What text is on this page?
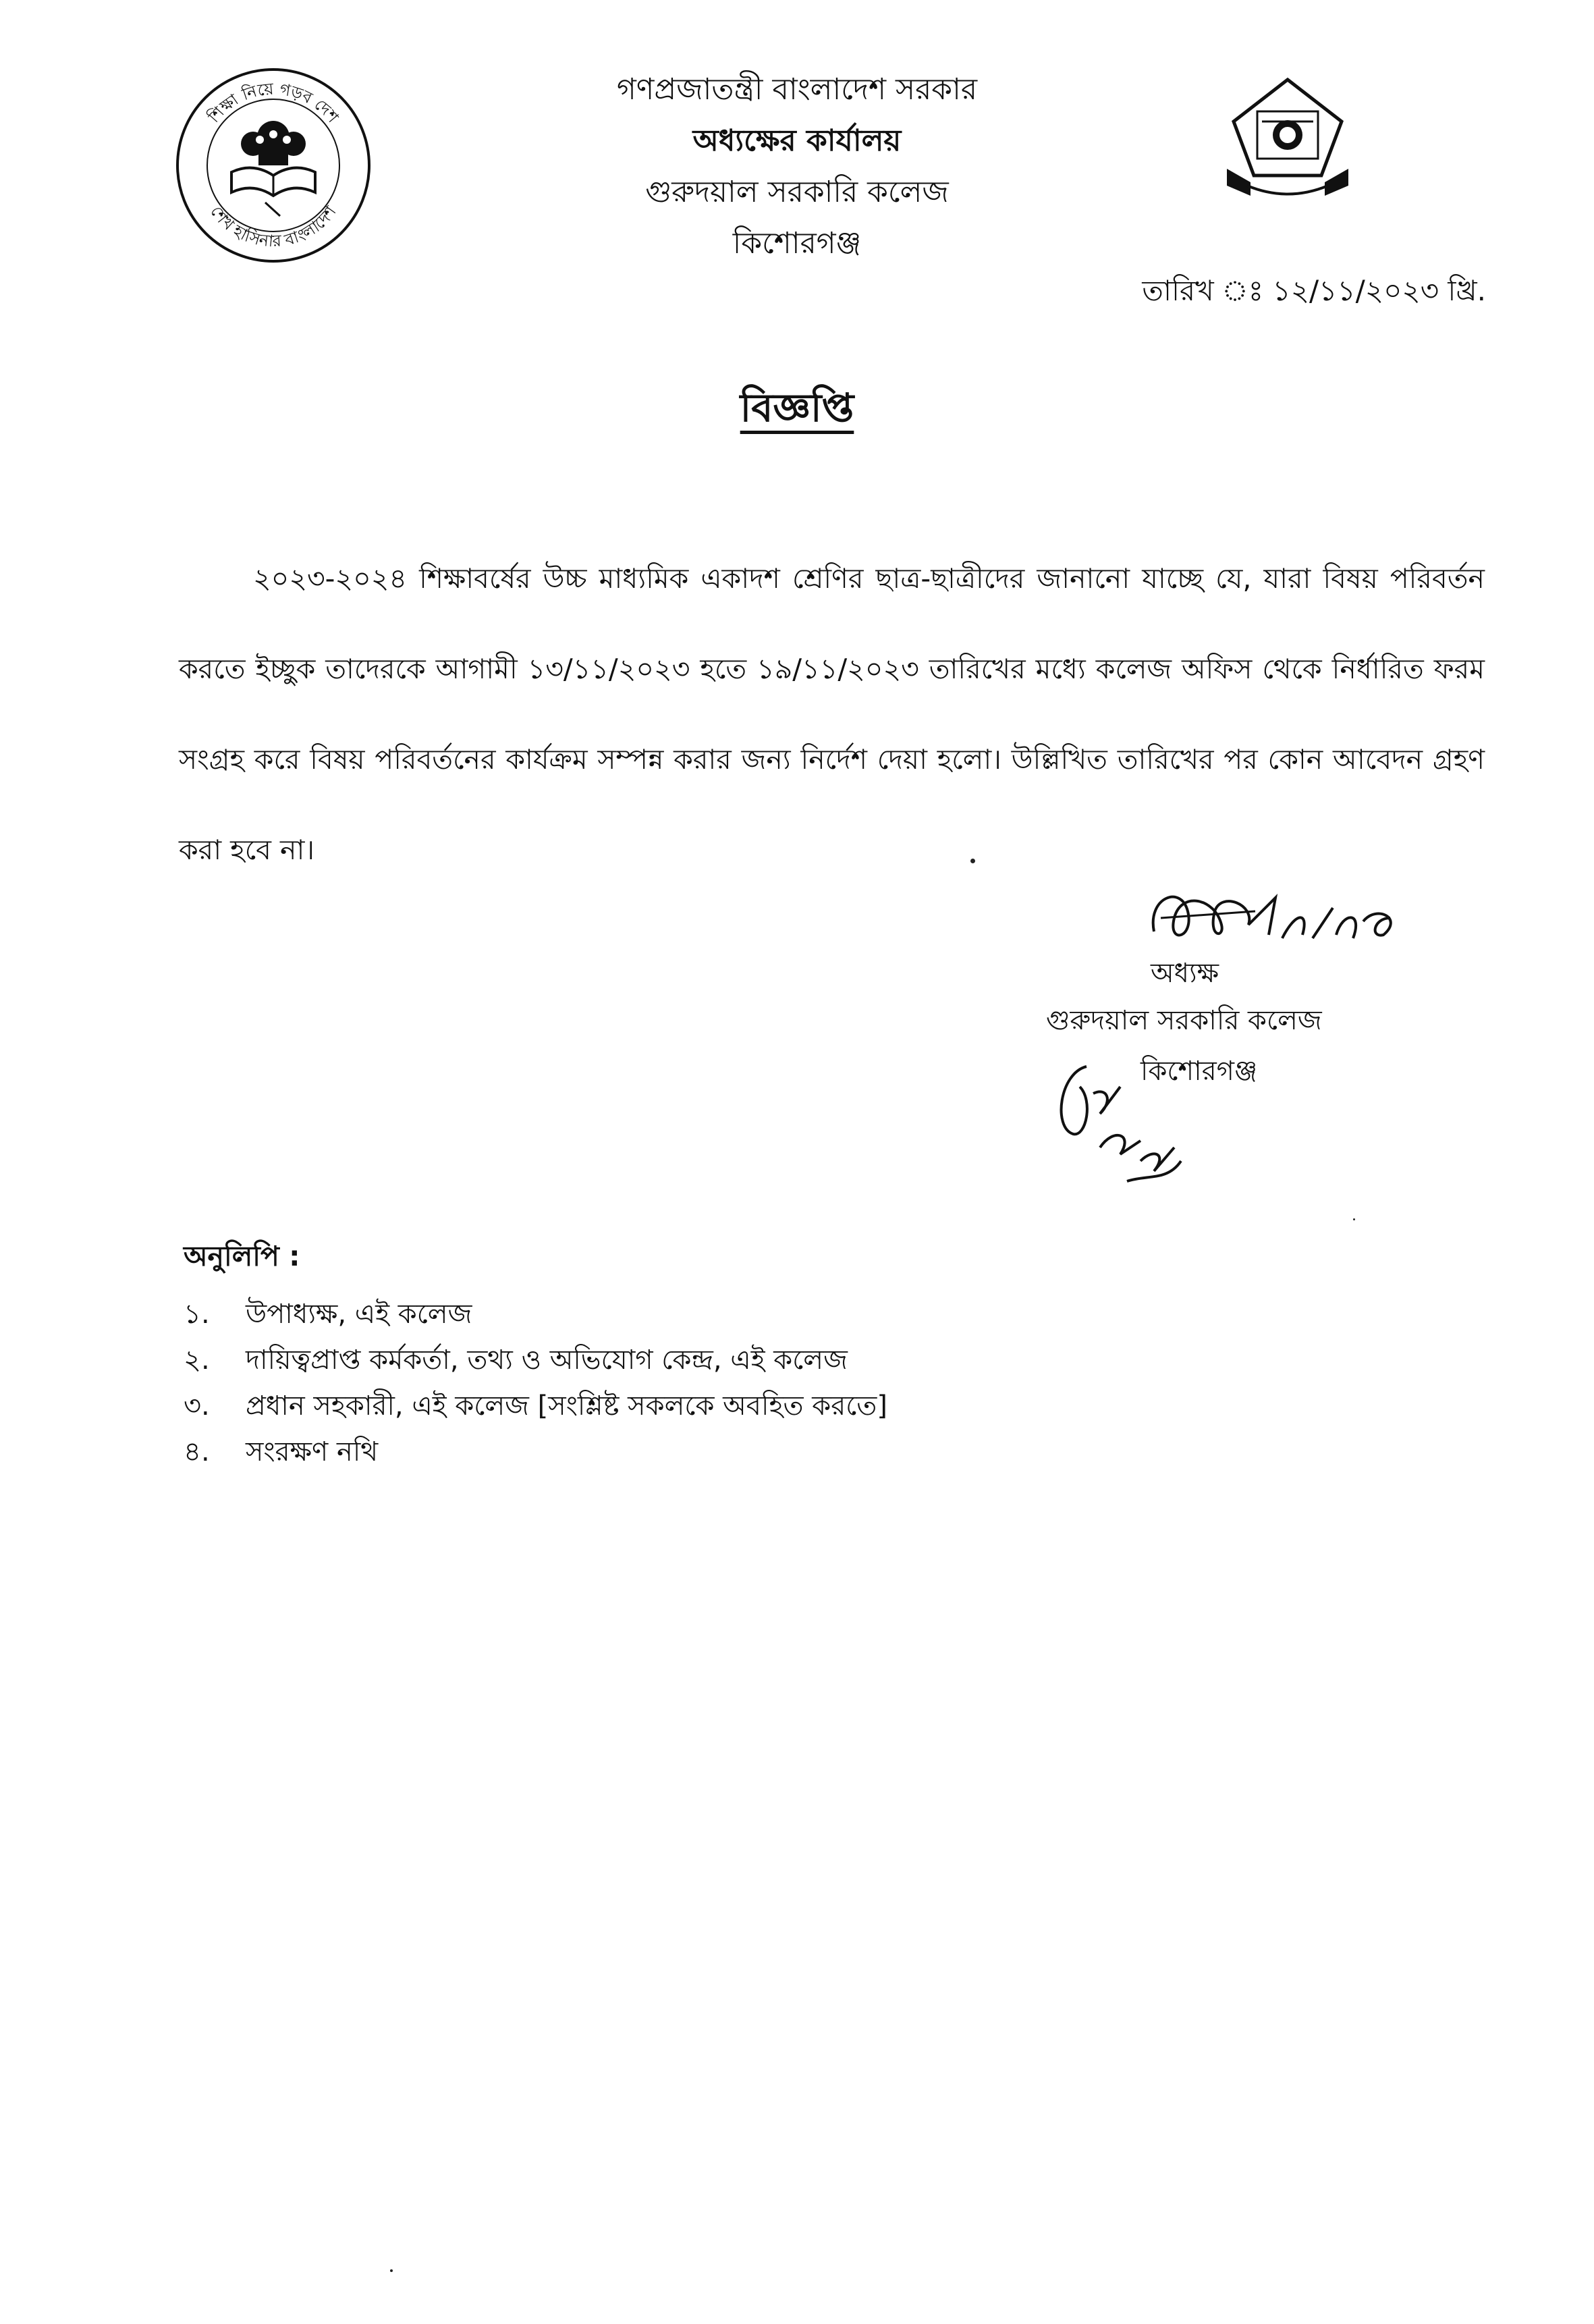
শিক্ষা নিয়ে গড়ব দেশ
শেখ হাসিনার বাংলাদেশ

গণপ্রজাতন্ত্রী বাংলাদেশ সরকার

অধ্যক্ষের কার্যালয়

গুরুদয়াল সরকারি কলেজ

কিশোরগঞ্জ

তারিখ ঃ ১২/১১/২০২৩ খ্রি.
বিজ্ঞপ্তি

২০২৩-২০২৪ শিক্ষাবর্ষের উচ্চ মাধ্যমিক একাদশ শ্রেণির ছাত্র-ছাত্রীদের জানানো যাচ্ছে যে, যারা বিষয় পরিবর্তন করতে ইচ্ছুক তাদেরকে আগামী ১৩/১১/২০২৩ হতে ১৯/১১/২০২৩ তারিখের মধ্যে কলেজ অফিস থেকে নির্ধারিত ফরম সংগ্রহ করে বিষয় পরিবর্তনের কার্যক্রম সম্পন্ন করার জন্য নির্দেশ দেয়া হলো। উল্লিখিত তারিখের পর কোন আবেদন গ্রহণ করা হবে না।

অধ্যক্ষ
গুরুদয়াল সরকারি কলেজ
কিশোরগঞ্জ

অনুলিপি :

১.	উপাধ্যক্ষ, এই কলেজ
২.	দায়িত্বপ্রাপ্ত কর্মকর্তা, তথ্য ও অভিযোগ কেন্দ্র, এই কলেজ
৩.	প্রধান সহকারী, এই কলেজ [সংশ্লিষ্ট সকলকে অবহিত করতে]
৪.	সংরক্ষণ নথি
